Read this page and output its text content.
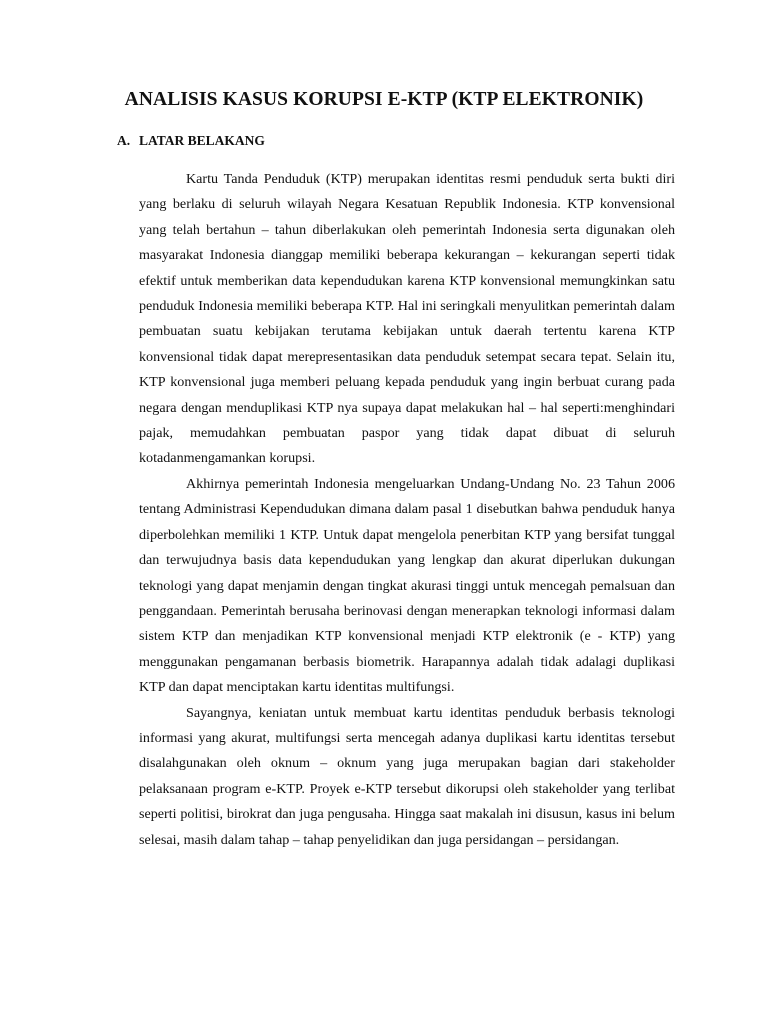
ANALISIS KASUS KORUPSI E-KTP (KTP ELEKTRONIK)
A. LATAR BELAKANG

Kartu Tanda Penduduk (KTP) merupakan identitas resmi penduduk serta bukti diri yang berlaku di seluruh wilayah Negara Kesatuan Republik Indonesia. KTP konvensional yang telah bertahun – tahun diberlakukan oleh pemerintah Indonesia serta digunakan oleh masyarakat Indonesia dianggap memiliki beberapa kekurangan – kekurangan seperti tidak efektif untuk memberikan data kependudukan karena KTP konvensional memungkinkan satu penduduk Indonesia memiliki beberapa KTP. Hal ini seringkali menyulitkan pemerintah dalam pembuatan suatu kebijakan terutama kebijakan untuk daerah tertentu karena KTP konvensional tidak dapat merepresentasikan data penduduk setempat secara tepat. Selain itu, KTP konvensional juga memberi peluang kepada penduduk yang ingin berbuat curang pada negara dengan menduplikasi KTP nya supaya dapat melakukan hal – hal seperti:menghindari pajak, memudahkan pembuatan paspor yang tidak dapat dibuat di seluruh kotadanmengamankan korupsi.

Akhirnya pemerintah Indonesia mengeluarkan Undang-Undang No. 23 Tahun 2006 tentang Administrasi Kependudukan dimana dalam pasal 1 disebutkan bahwa penduduk hanya diperbolehkan memiliki 1 KTP. Untuk dapat mengelola penerbitan KTP yang bersifat tunggal dan terwujudnya basis data kependudukan yang lengkap dan akurat diperlukan dukungan teknologi yang dapat menjamin dengan tingkat akurasi tinggi untuk mencegah pemalsuan dan penggandaan. Pemerintah berusaha berinovasi dengan menerapkan teknologi informasi dalam sistem KTP dan menjadikan KTP konvensional menjadi KTP elektronik (e - KTP) yang menggunakan pengamanan berbasis biometrik. Harapannya adalah tidak adalagi duplikasi KTP dan dapat menciptakan kartu identitas multifungsi.

Sayangnya, keniatan untuk membuat kartu identitas penduduk berbasis teknologi informasi yang akurat, multifungsi serta mencegah adanya duplikasi kartu identitas tersebut disalahgunakan oleh oknum – oknum yang juga merupakan bagian dari stakeholder pelaksanaan program e-KTP. Proyek e-KTP tersebut dikorupsi oleh stakeholder yang terlibat seperti politisi, birokrat dan juga pengusaha. Hingga saat makalah ini disusun, kasus ini belum selesai, masih dalam tahap – tahap penyelidikan dan juga persidangan – persidangan.
